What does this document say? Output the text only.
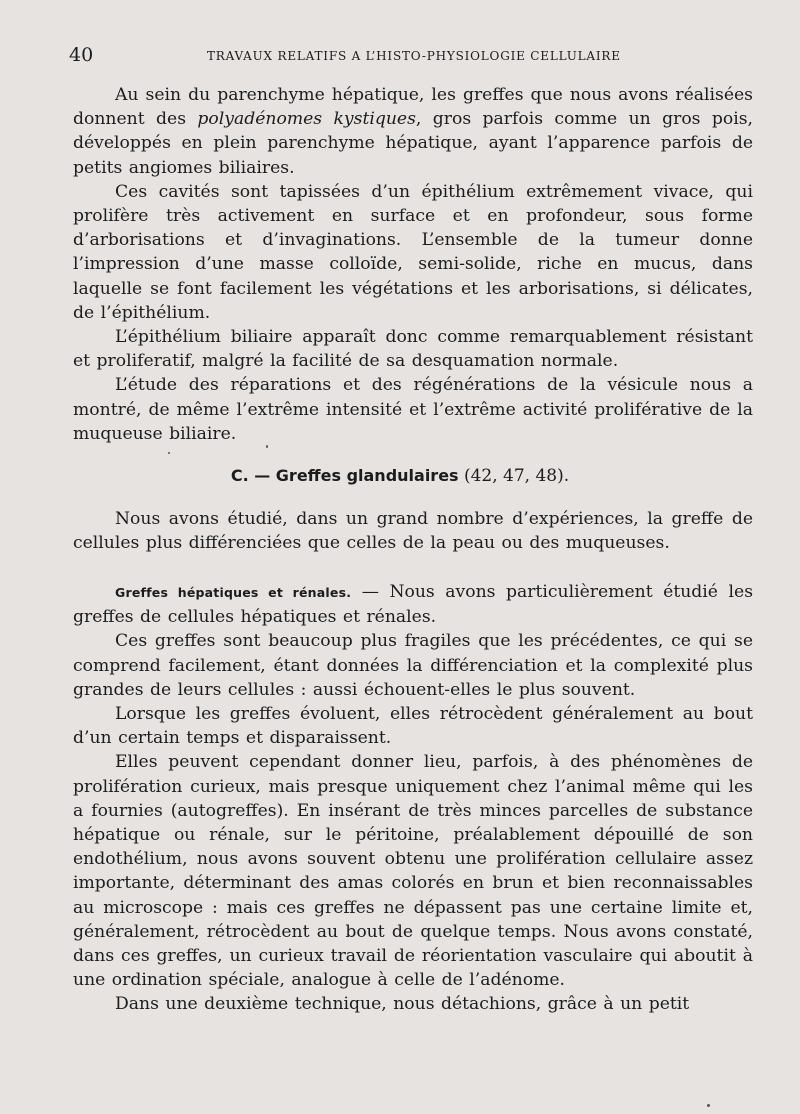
40	TRAVAUX RELATIFS A L’HISTO-PHYSIOLOGIE CELLULAIRE

Au sein du parenchyme hépatique, les greffes que nous avons réalisées donnent des polyadénomes kystiques, gros parfois comme un gros pois, développés en plein parenchyme hépatique, ayant l’apparence parfois de petits angiomes biliaires.

Ces cavités sont tapissées d’un épithélium extrêmement vivace, qui prolifère très activement en surface et en profondeur, sous forme d’arborisations et d’invaginations. L’ensemble de la tumeur donne l’impression d’une masse colloïde, semi-solide, riche en mucus, dans laquelle se font facilement les végétations et les arborisations, si délicates, de l’épithélium.

L’épithélium biliaire apparaît donc comme remarquablement résistant et proliferatif, malgré la facilité de sa desquamation normale.

L’étude des réparations et des régénérations de la vésicule nous a montré, de même l’extrême intensité et l’extrême activité proliférative de la muqueuse biliaire.

C. — Greffes glandulaires (42, 47, 48).

Nous avons étudié, dans un grand nombre d’expériences, la greffe de cellules plus différenciées que celles de la peau ou des muqueuses.

Greffes hépatiques et rénales. — Nous avons particulièrement étudié les greffes de cellules hépatiques et rénales.

Ces greffes sont beaucoup plus fragiles que les précédentes, ce qui se comprend facilement, étant données la différenciation et la complexité plus grandes de leurs cellules : aussi échouent-elles le plus souvent.

Lorsque les greffes évoluent, elles rétrocèdent généralement au bout d’un certain temps et disparaissent.

Elles peuvent cependant donner lieu, parfois, à des phénomènes de prolifération curieux, mais presque uniquement chez l’animal même qui les a fournies (autogreffes). En insérant de très minces parcelles de substance hépatique ou rénale, sur le péritoine, préalablement dépouillé de son endothélium, nous avons souvent obtenu une prolifération cellulaire assez importante, déterminant des amas colorés en brun et bien reconnaissables au microscope : mais ces greffes ne dépassent pas une certaine limite et, généralement, rétrocèdent au bout de quelque temps. Nous avons constaté, dans ces greffes, un curieux travail de réorientation vasculaire qui aboutit à une ordination spéciale, analogue à celle de l’adénome.

Dans une deuxième technique, nous détachions, grâce à un petit
